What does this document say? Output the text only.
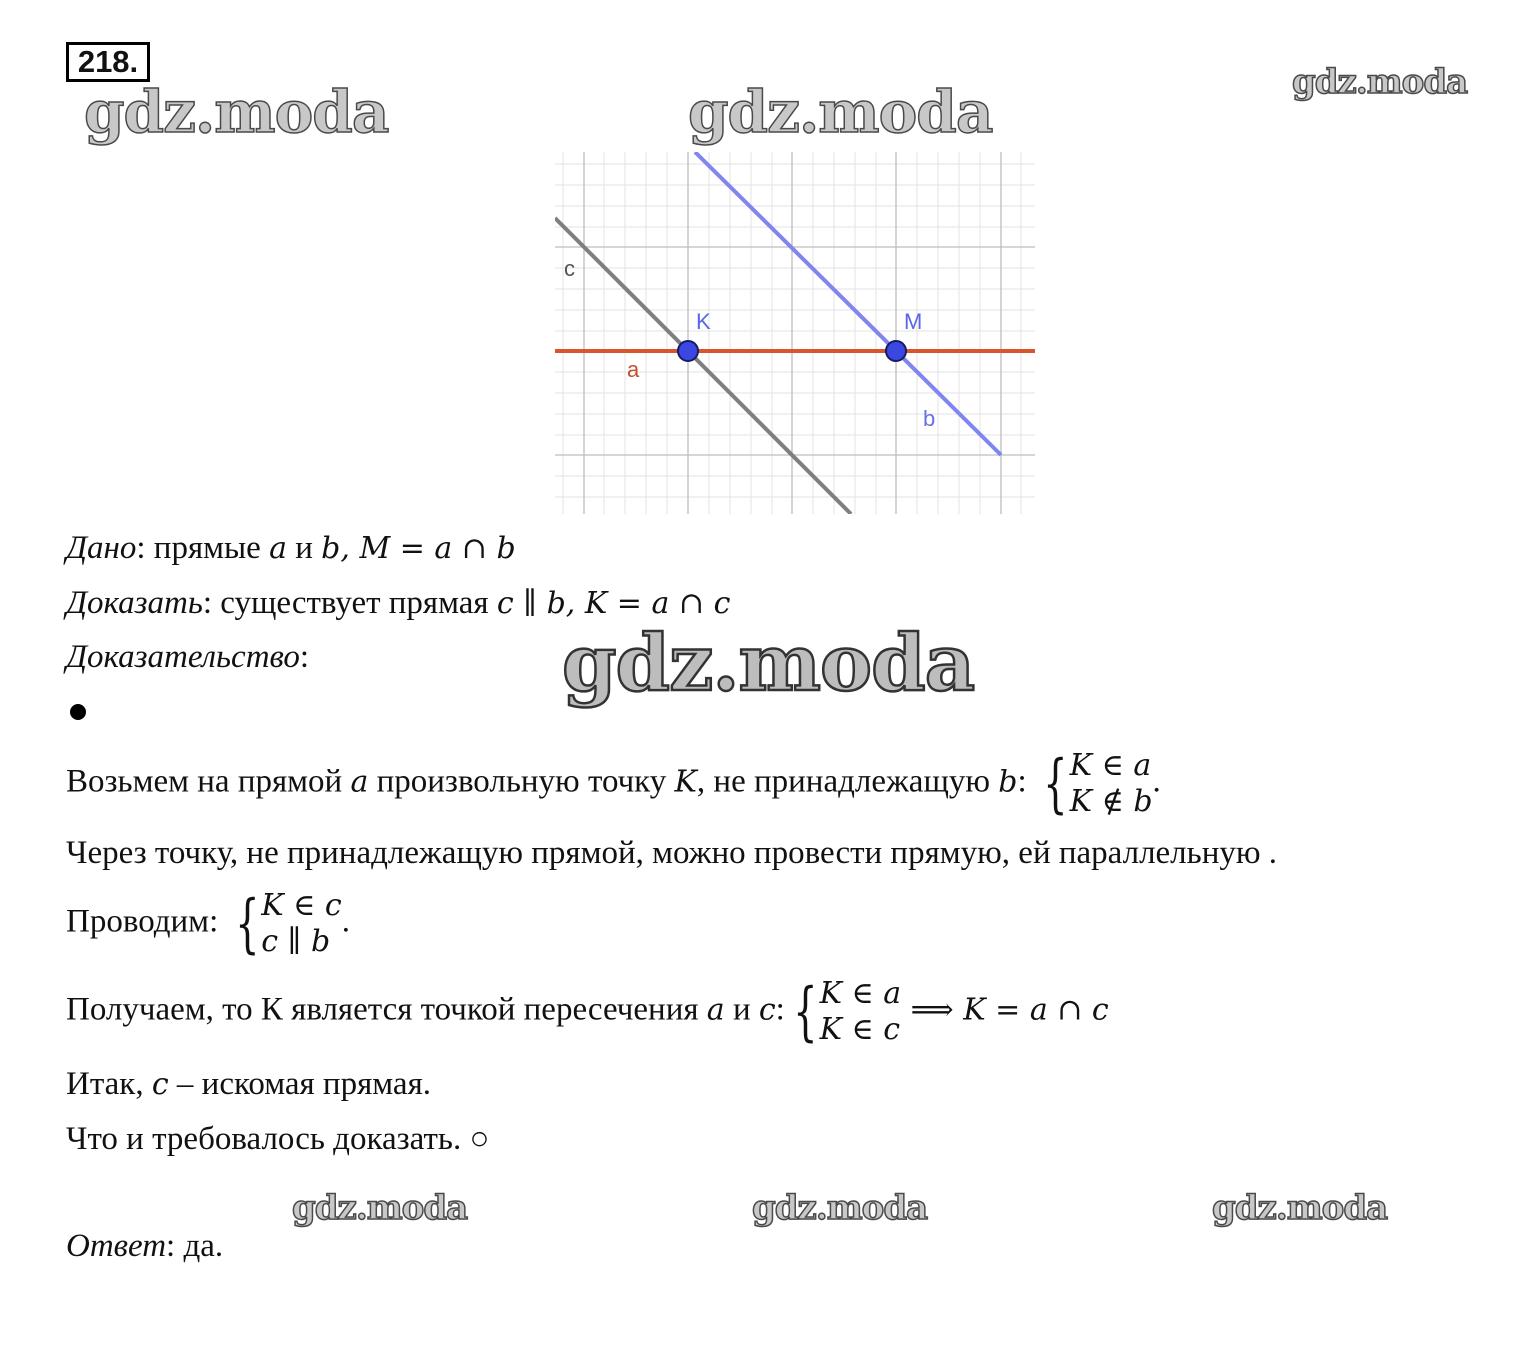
218.
gdz.moda	gdz.moda	gdz.moda
c
a
b
K	M
Дано: прямые a и b, M = a ∩ b
Доказать: существует прямая c ∥ b, K = a ∩ c
Доказательство:	gdz.moda
Возьмем на прямой a произвольную точку K, не принадлежащую b: { K ∈ a
K ∉ b
.
Через точку, не принадлежащую прямой, можно провести прямую, ей параллельную .
Проводим: { K ∈ c
c ∥ b
.
Получаем, то К является точкой пересечения a и c: { K ∈ a
K ∈ c
⟹ K = a ∩ c
Итак, c – искомая прямая.
Что и требовалось доказать. ○
gdz.moda	gdz.moda	gdz.moda
Ответ: да.
